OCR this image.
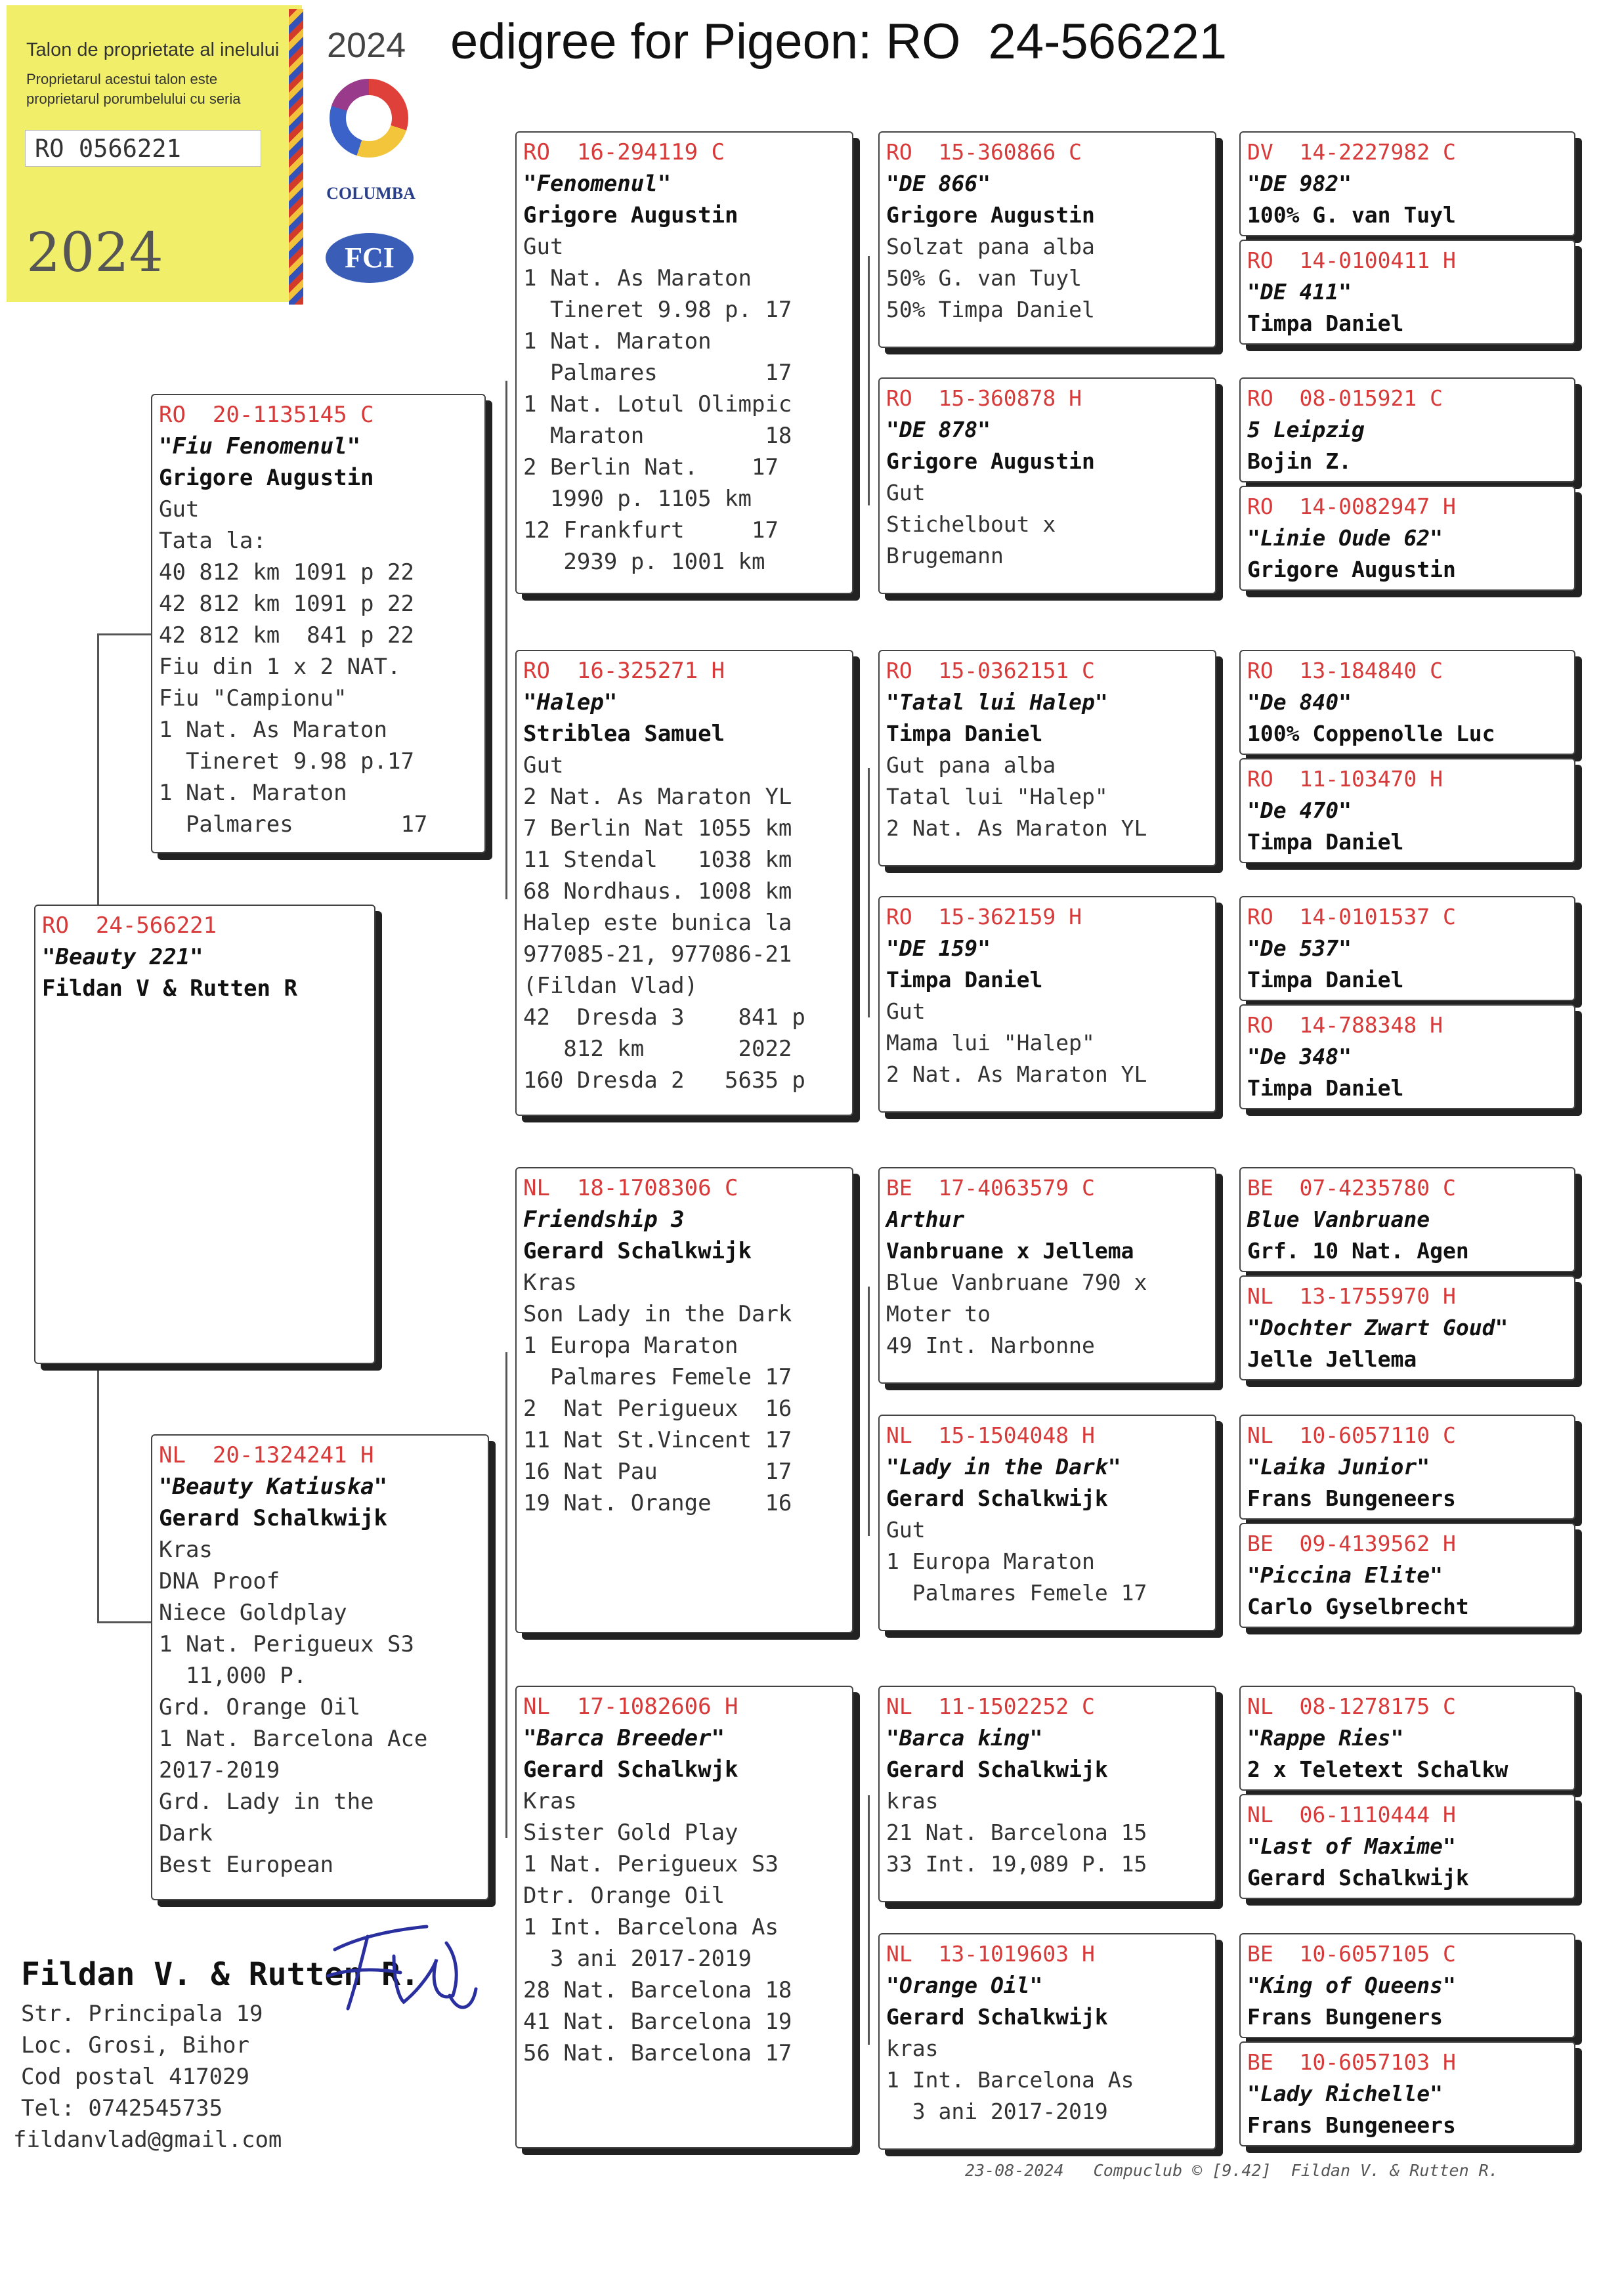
Talon de proprietate al inelului
Proprietarul acestui talon este proprietarul porumbelului cu seria
RO 0566221
2024
2024 edigree for Pigeon: RO  24-566221
COLUMBA
FCI
RO  24-566221
"Beauty 221"
Fildan V & Rutten R
RO  20-1135145 C
"Fiu Fenomenul"
Grigore Augustin
Gut
Tata la:
40 812 km 1091 p 22
42 812 km 1091 p 22
42 812 km  841 p 22
Fiu din 1 x 2 NAT.
Fiu "Campionu"
1 Nat. As Maraton
Tineret 9.98 p.17
1 Nat. Maraton
Palmares        17
NL  20-1324241 H
"Beauty Katiuska"
Gerard Schalkwijk
Kras
DNA Proof
Niece Goldplay
1 Nat. Perigueux S3
11,000 P.
Grd. Orange Oil
1 Nat. Barcelona Ace
2017-2019
Grd. Lady in the
Dark
Best European
RO  16-294119 C
"Fenomenul"
Grigore Augustin
Gut
1 Nat. As Maraton
Tineret 9.98 p. 17
1 Nat. Maraton
Palmares        17
1 Nat. Lotul Olimpic
Maraton         18
2 Berlin Nat.    17
1990 p. 1105 km
12 Frankfurt     17
2939 p. 1001 km
RO  16-325271 H
"Halep"
Striblea Samuel
Gut
2 Nat. As Maraton YL
7 Berlin Nat 1055 km
11 Stendal   1038 km
68 Nordhaus. 1008 km
Halep este bunica la
977085-21, 977086-21
(Fildan Vlad)
42  Dresda 3    841 p
812 km       2022
160 Dresda 2   5635 p
NL  18-1708306 C
Friendship 3
Gerard Schalkwijk
Kras
Son Lady in the Dark
1 Europa Maraton
Palmares Femele 17
2  Nat Perigueux  16
11 Nat St.Vincent 17
16 Nat Pau        17
19 Nat. Orange    16
NL  17-1082606 H
"Barca Breeder"
Gerard Schalkwjk
Kras
Sister Gold Play
1 Nat. Perigueux S3
Dtr. Orange Oil
1 Int. Barcelona As
3 ani 2017-2019
28 Nat. Barcelona 18
41 Nat. Barcelona 19
56 Nat. Barcelona 17
RO  15-360866 C
"DE 866"
Grigore Augustin
Solzat pana alba
50% G. van Tuyl
50% Timpa Daniel
RO  15-360878 H
"DE 878"
Grigore Augustin
Gut
Stichelbout x
Brugemann
RO  15-0362151 C
"Tatal lui Halep"
Timpa Daniel
Gut pana alba
Tatal lui "Halep"
2 Nat. As Maraton YL
RO  15-362159 H
"DE 159"
Timpa Daniel
Gut
Mama lui "Halep"
2 Nat. As Maraton YL
BE  17-4063579 C
Arthur
Vanbruane x Jellema
Blue Vanbruane 790 x
Moter to
49 Int. Narbonne
NL  15-1504048 H
"Lady in the Dark"
Gerard Schalkwijk
Gut
1 Europa Maraton
Palmares Femele 17
NL  11-1502252 C
"Barca king"
Gerard Schalkwijk
kras
21 Nat. Barcelona 15
33 Int. 19,089 P. 15
NL  13-1019603 H
"Orange Oil"
Gerard Schalkwijk
kras
1 Int. Barcelona As
3 ani 2017-2019
DV  14-2227982 C
"DE 982"
100% G. van Tuyl
RO  14-0100411 H
"DE 411"
Timpa Daniel
RO  08-015921 C
5 Leipzig
Bojin Z.
RO  14-0082947 H
"Linie Oude 62"
Grigore Augustin
RO  13-184840 C
"De 840"
100% Coppenolle Luc
RO  11-103470 H
"De 470"
Timpa Daniel
RO  14-0101537 C
"De 537"
Timpa Daniel
RO  14-788348 H
"De 348"
Timpa Daniel
BE  07-4235780 C
Blue Vanbruane
Grf. 10 Nat. Agen
NL  13-1755970 H
"Dochter Zwart Goud"
Jelle Jellema
NL  10-6057110 C
"Laika Junior"
Frans Bungeneers
BE  09-4139562 H
"Piccina Elite"
Carlo Gyselbrecht
NL  08-1278175 C
"Rappe Ries"
2 x Teletext Schalkw
NL  06-1110444 H
"Last of Maxime"
Gerard Schalkwijk
BE  10-6057105 C
"King of Queens"
Frans Bungeners
BE  10-6057103 H
"Lady Richelle"
Frans Bungeneers
Fildan V. & Rutten R.
Str. Principala 19
Loc. Grosi, Bihor
Cod postal 417029
Tel: 0742545735
fildanvlad@gmail.com
23-08-2024   Compuclub © [9.42]  Fildan V. & Rutten R.
